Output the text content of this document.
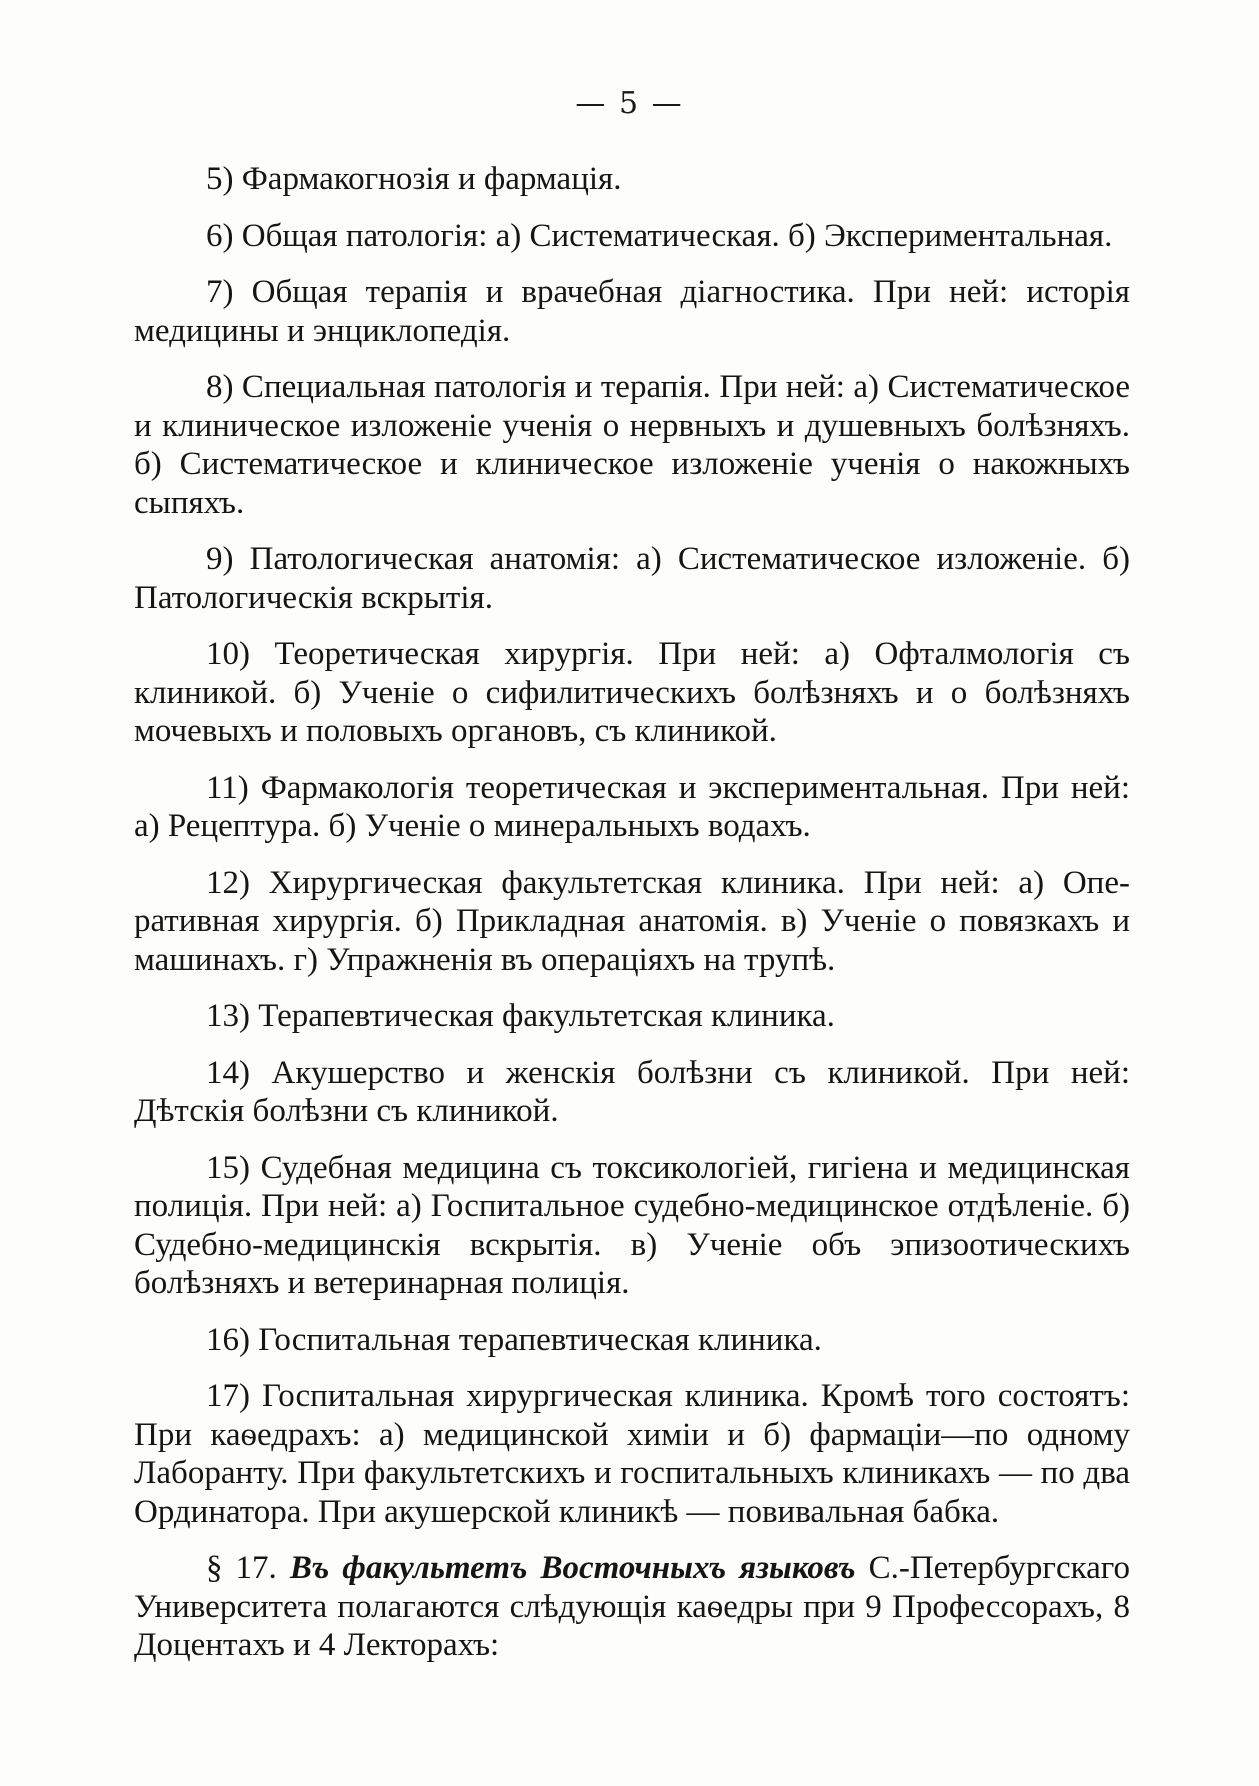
— 5 —

5) Фармакогнозія и фармація.

6) Общая патологія: а) Систематическая. б) Экспериментальная.

7) Общая терапія и врачебная діагностика. При ней: исторія медицины и энциклопедія.

8) Специальная патологія и терапія. При ней: а) Систематическое и клиническое изложеніе ученія о нервныхъ и душевныхъ болѣзняхъ. б) Систематическое и клиническое изложеніе ученія о накожныхъ сыпяхъ.

9) Патологическая анатомія: а) Систематическое изложеніе. б) Патологическія вскрытія.

10) Теоретическая хирургія. При ней: а) Офталмологія съ клиникой. б) Ученіе о сифилитическихъ болѣзняхъ и о болѣзняхъ мочевыхъ и половыхъ органовъ, съ клиникой.

11) Фармакологія теоретическая и экспериментальная. При ней: а) Рецептура. б) Ученіе о минеральныхъ водахъ.

12) Хирургическая факультетская клиника. При ней: а) Оперативная хирургія. б) Прикладная анатомія. в) Ученіе о повязкахъ и машинахъ. г) Упражненія въ операціяхъ на трупѣ.

13) Терапевтическая факультетская клиника.

14) Акушерство и женскія болѣзни съ клиникой. При ней: Дѣтскія болѣзни съ клиникой.

15) Судебная медицина съ токсикологіей, гигіена и медицинская полиція. При ней: а) Госпитальное судебно-медицинское отдѣленіе. б) Судебно-медицинскія вскрытія. в) Ученіе объ эпизоотическихъ болѣзняхъ и ветеринарная полиція.

16) Госпитальная терапевтическая клиника.

17) Госпитальная хирургическая клиника. Кромѣ того состоятъ: При каѳедрахъ: а) медицинской химіи и б) фармаціи—по одному Лаборанту. При факультетскихъ и госпитальныхъ клиникахъ — по два Ординатора. При акушерской клиникѣ — повивальная бабка.

§ 17. Въ факультетъ Восточныхъ языковъ С.-Петербургскаго Университета полагаются слѣдующія каѳедры при 9 Профессорахъ, 8 Доцентахъ и 4 Лекторахъ:
